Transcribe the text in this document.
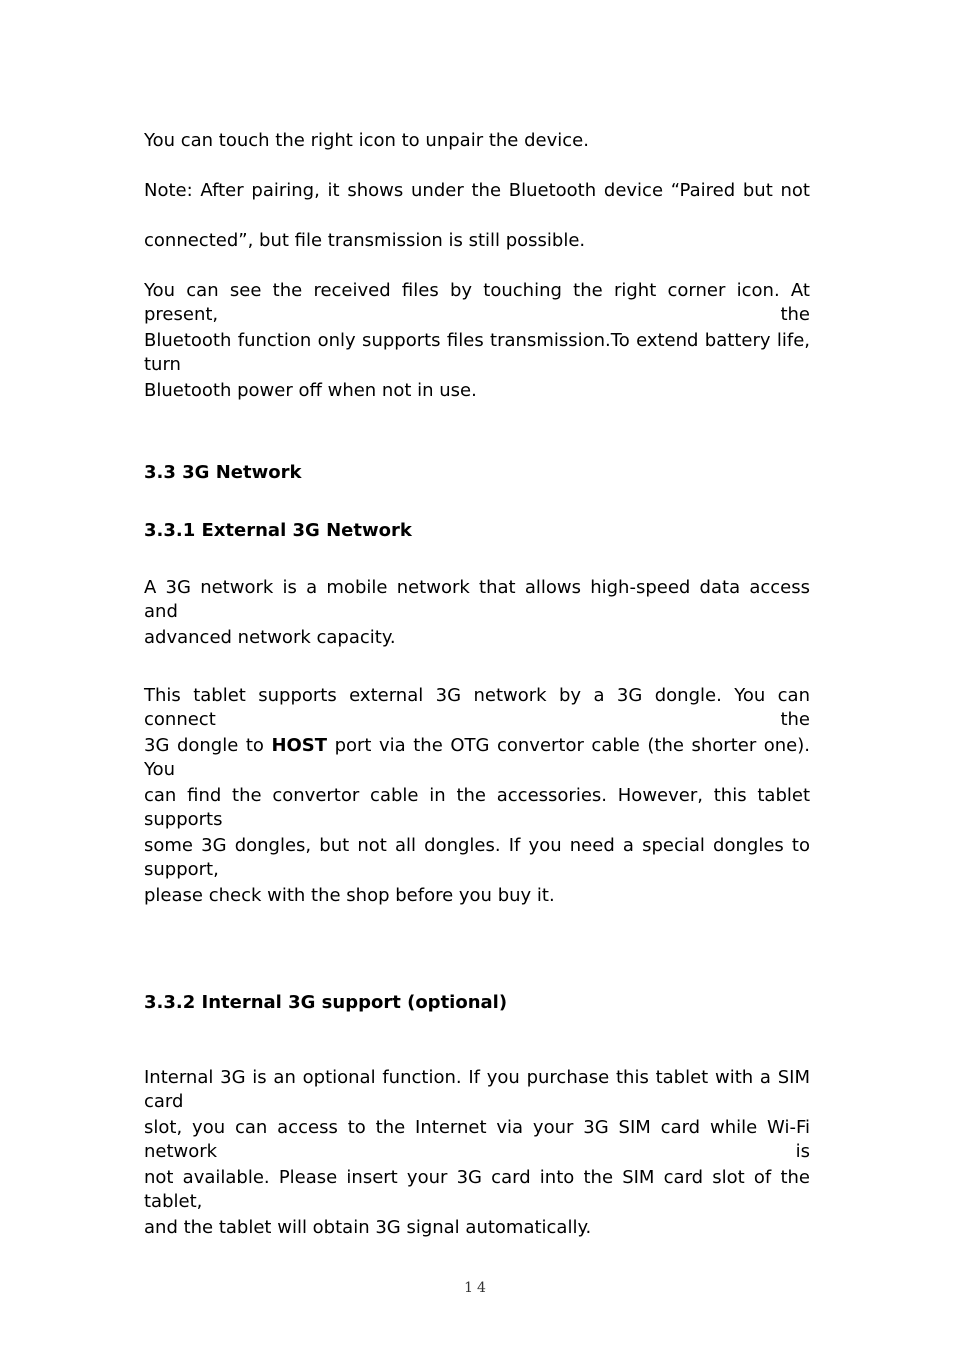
You can touch the right icon to unpair the device.
Note: After pairing, it shows under the Bluetooth device “Paired but not
connected”, but file transmission is still possible.
You can see the received files by touching the right corner icon. At present, the
Bluetooth function only supports files transmission.To extend battery life, turn
Bluetooth power off when not in use.
3.3 3G Network
3.3.1 External 3G Network
A 3G network is a mobile network that allows high-speed data access and
advanced network capacity.
This tablet supports external 3G network by a 3G dongle. You can connect the
3G dongle to HOST port via the OTG convertor cable (the shorter one). You
can find the convertor cable in the accessories. However, this tablet supports
some 3G dongles, but not all dongles. If you need a special dongles to support,
please check with the shop before you buy it.
3.3.2 Internal 3G support (optional)
Internal 3G is an optional function. If you purchase this tablet with a SIM card
slot, you can access to the Internet via your 3G SIM card while Wi-Fi network is
not available. Please insert your 3G card into the SIM card slot of the tablet,
and the tablet will obtain 3G signal automatically.
14
